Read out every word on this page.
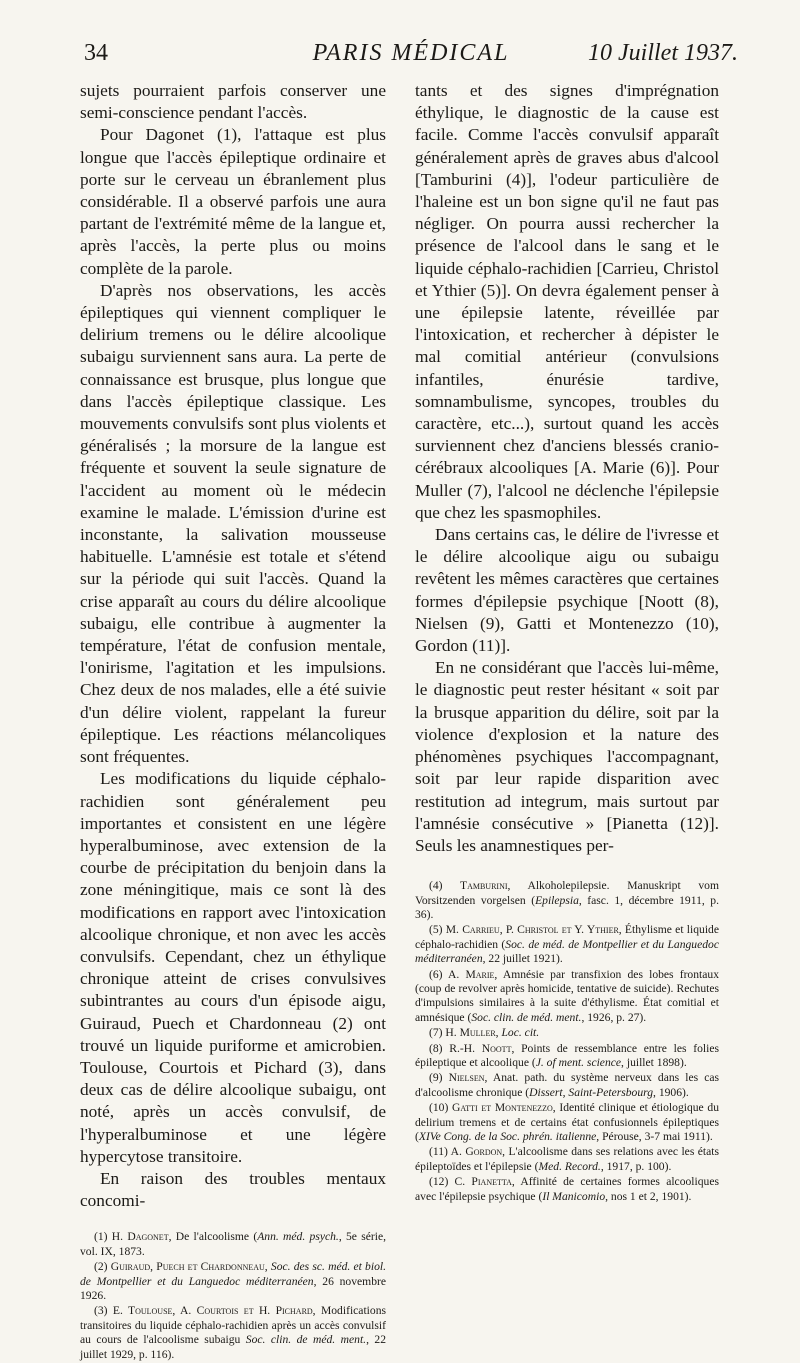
34	PARIS MÉDICAL	10 Juillet 1937.

sujets pourraient parfois conserver une semi-conscience pendant l'accès.

Pour Dagonet (1), l'attaque est plus longue que l'accès épileptique ordinaire et porte sur le cerveau un ébranlement plus considérable. Il a observé parfois une aura partant de l'extrémité même de la langue et, après l'accès, la perte plus ou moins complète de la parole.

D'après nos observations, les accès épileptiques qui viennent compliquer le delirium tremens ou le délire alcoolique subaigu surviennent sans aura. La perte de connaissance est brusque, plus longue que dans l'accès épileptique classique. Les mouvements convulsifs sont plus violents et généralisés ; la morsure de la langue est fréquente et souvent la seule signature de l'accident au moment où le médecin examine le malade. L'émission d'urine est inconstante, la salivation mousseuse habituelle. L'amnésie est totale et s'étend sur la période qui suit l'accès. Quand la crise apparaît au cours du délire alcoolique subaigu, elle contribue à augmenter la température, l'état de confusion mentale, l'onirisme, l'agitation et les impulsions. Chez deux de nos malades, elle a été suivie d'un délire violent, rappelant la fureur épileptique. Les réactions mélancoliques sont fréquentes.

Les modifications du liquide céphalo-rachidien sont généralement peu importantes et consistent en une légère hyperalbuminose, avec extension de la courbe de précipitation du benjoin dans la zone méningitique, mais ce sont là des modifications en rapport avec l'intoxication alcoolique chronique, et non avec les accès convulsifs. Cependant, chez un éthylique chronique atteint de crises convulsives subintrantes au cours d'un épisode aigu, Guiraud, Puech et Chardonneau (2) ont trouvé un liquide puriforme et amicrobien. Toulouse, Courtois et Pichard (3), dans deux cas de délire alcoolique subaigu, ont noté, après un accès convulsif, de l'hyperalbuminose et une légère hypercytose transitoire.

En raison des troubles mentaux concomi-

(1) H. Dagonet, De l'alcoolisme (Ann. méd. psych., 5e série, vol. IX, 1873.

(2) Guiraud, Puech et Chardonneau, Soc. des sc. méd. et biol. de Montpellier et du Languedoc méditerranéen, 26 novembre 1926.

(3) E. Toulouse, A. Courtois et H. Pichard, Modifications transitoires du liquide céphalo-rachidien après un accès convulsif au cours de l'alcoolisme subaigu Soc. clin. de méd. ment., 22 juillet 1929, p. 116).

tants et des signes d'imprégnation éthylique, le diagnostic de la cause est facile. Comme l'accès convulsif apparaît généralement après de graves abus d'alcool [Tamburini (4)], l'odeur particulière de l'haleine est un bon signe qu'il ne faut pas négliger. On pourra aussi rechercher la présence de l'alcool dans le sang et le liquide céphalo-rachidien [Carrieu, Christol et Ythier (5)]. On devra également penser à une épilepsie latente, réveillée par l'intoxication, et rechercher à dépister le mal comitial antérieur (convulsions infantiles, énurésie tardive, somnambulisme, syncopes, troubles du caractère, etc...), surtout quand les accès surviennent chez d'anciens blessés cranio-cérébraux alcooliques [A. Marie (6)]. Pour Muller (7), l'alcool ne déclenche l'épilepsie que chez les spasmophiles.

Dans certains cas, le délire de l'ivresse et le délire alcoolique aigu ou subaigu revêtent les mêmes caractères que certaines formes d'épilepsie psychique [Noott (8), Nielsen (9), Gatti et Montenezzo (10), Gordon (11)].

En ne considérant que l'accès lui-même, le diagnostic peut rester hésitant « soit par la brusque apparition du délire, soit par la violence d'explosion et la nature des phénomènes psychiques l'accompagnant, soit par leur rapide disparition avec restitution ad integrum, mais surtout par l'amnésie consécutive » [Pianetta (12)]. Seuls les anamnestiques per-

(4) Tamburini, Alkoholepilepsie. Manuskript vom Vorsitzenden vorgelsen (Epilepsia, fasc. 1, décembre 1911, p. 36).

(5) M. Carrieu, P. Christol et Y. Ythier, Éthylisme et liquide céphalo-rachidien (Soc. de méd. de Montpellier et du Languedoc méditerranéen, 22 juillet 1921).

(6) A. Marie, Amnésie par transfixion des lobes frontaux (coup de revolver après homicide, tentative de suicide). Rechutes d'impulsions similaires à la suite d'éthylisme. État comitial et amnésique (Soc. clin. de méd. ment., 1926, p. 27).

(7) H. Muller, Loc. cit.

(8) R.-H. Noott, Points de ressemblance entre les folies épileptique et alcoolique (J. of ment. science, juillet 1898).

(9) Nielsen, Anat. path. du système nerveux dans les cas d'alcoolisme chronique (Dissert, Saint-Petersbourg, 1906).

(10) Gatti et Montenezzo, Identité clinique et étiologique du delirium tremens et de certains état confusionnels épileptiques (XIVe Cong. de la Soc. phrén. italienne, Pérouse, 3-7 mai 1911).

(11) A. Gordon, L'alcoolisme dans ses relations avec les états épileptoïdes et l'épilepsie (Med. Record., 1917, p. 100).

(12) C. Pianetta, Affinité de certaines formes alcooliques avec l'épilepsie psychique (Il Manicomio, nos 1 et 2, 1901).
